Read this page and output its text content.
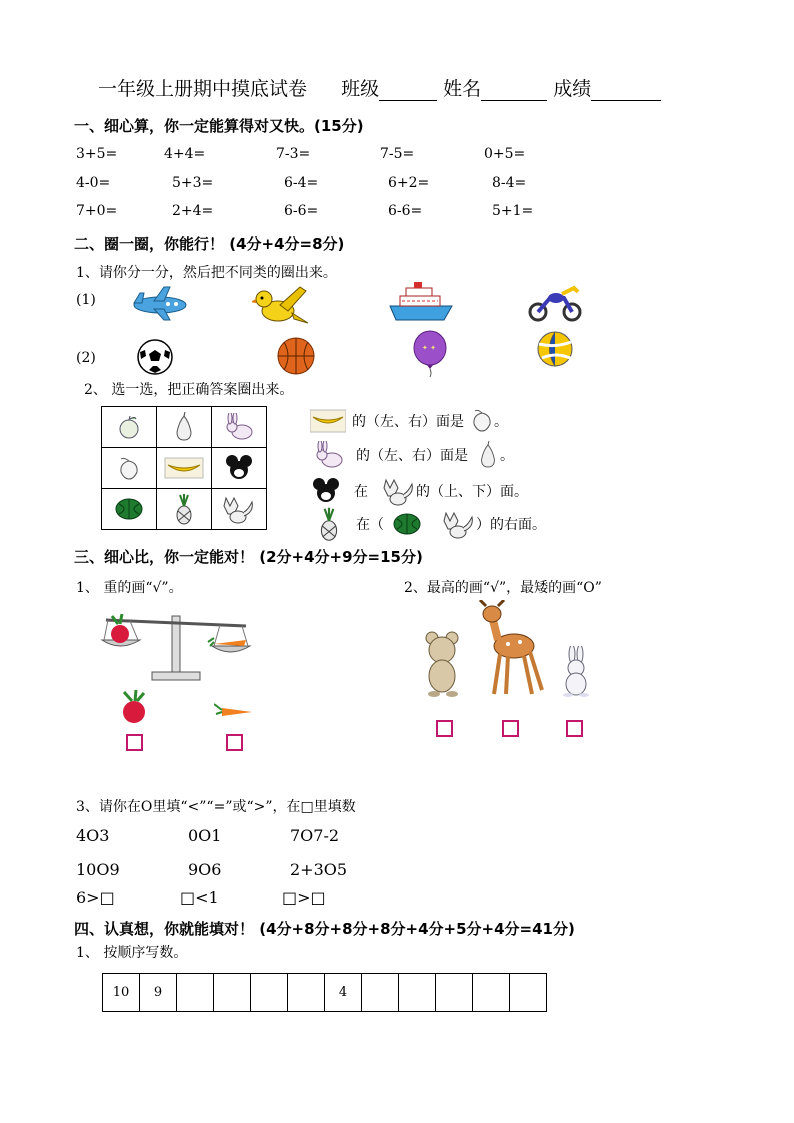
一年级上册期中摸底试卷 班级	姓名	成绩
一、细心算，你一定能算得对又快。(15分)
3+5=	4+4=	7-3=	7-5=	0+5=
4-0=	5+3=	6-4=	6+2=	8-4=
7+0=	2+4=	6-6=	6-6=	5+1=
二、圈一圈，你能行！ (4分+4分=8分)
1、请你分一分，然后把不同类的圈出来。
(1)
(2)
✦ ✦
2、 选一选，把正确答案圈出来。

的（左、右）面是 。
的（左、右）面是 。
在	的（上、下）面。
在（	）的右面。
三、细心比，你一定能对！ (2分+4分+9分=15分)
1、 重的画“√”。	2、最高的画“√”，最矮的画“O”
3、请你在O里填“<”“=”或“>”，在□里填数
4O3	0O1	7O7-2
10O9	9O6	2+3O5
6>□	□<1	□>□
四、认真想，你就能填对！ (4分+8分+8分+8分+4分+5分+4分=41分)
1、 按顺序写数。
10	9					4					
